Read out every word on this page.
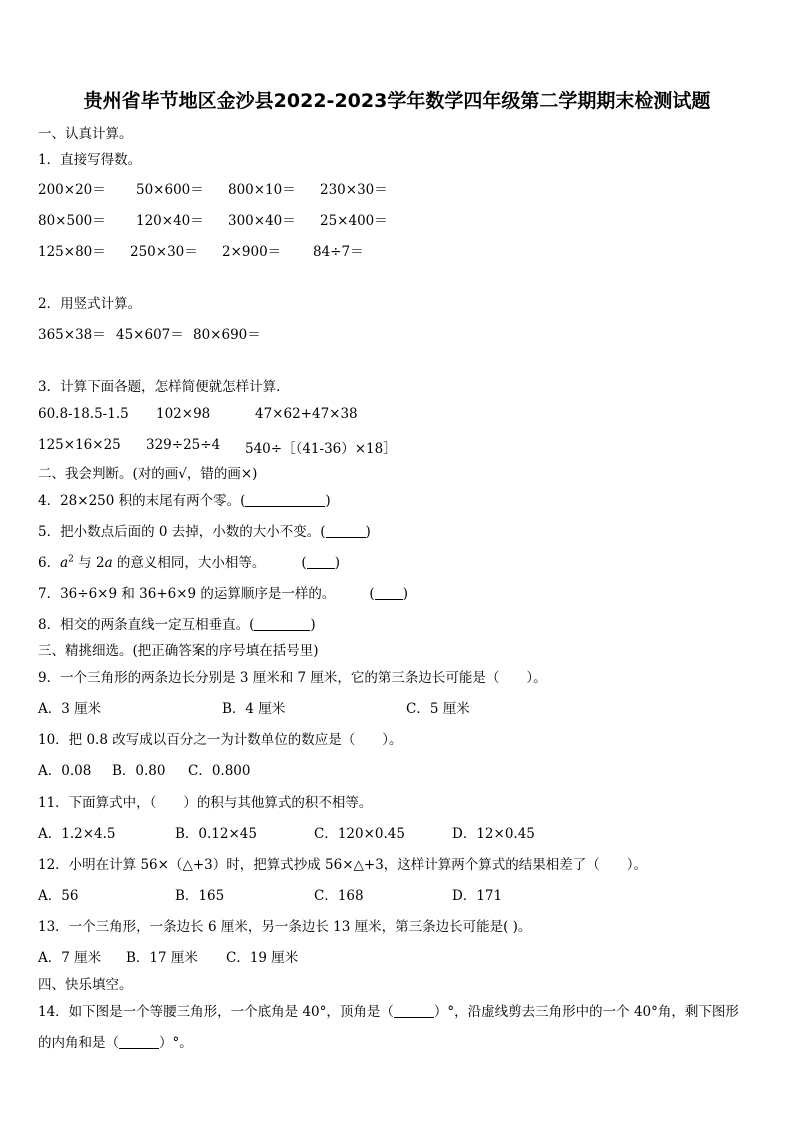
贵州省毕节地区金沙县2022-2023学年数学四年级第二学期期末检测试题
一、认真计算。
1．直接写得数。
200×20＝ 50×600＝ 800×10＝ 230×30＝
80×500＝ 120×40＝ 300×40＝ 25×400＝
125×80＝ 250×30＝ 2×900＝ 84÷7＝
2．用竖式计算。
365×38＝ 45×607＝ 80×690＝
3．计算下面各题，怎样简便就怎样计算.
60.8-18.5-1.5 102×98	47×62+47×38
125×16×25 329÷25÷4 540÷［（41-36）×18］
二、我会判断。(对的画√，错的画×)
4．28×250 积的末尾有两个零。(	)
5．把小数点后面的 0 去掉，小数的大小不变。(	)
6．$a^2$ 与 2a 的意义相同，大小相等。	( )
7．36÷6×9 和 36+6×9 的运算顺序是一样的。	( )
8．相交的两条直线一定互相垂直。(	)
三、精挑细选。(把正确答案的序号填在括号里)
9．一个三角形的两条边长分别是 3 厘米和 7 厘米，它的第三条边长可能是（　　）。
A．3 厘米	B．4 厘米	C．5 厘米
10．把 0.8 改写成以百分之一为计数单位的数应是（　　）。
A．0.08 B．0.80 C．0.800
11．下面算式中，（　　）的积与其他算式的积不相等。
A．1.2×4.5	B．0.12×45	C．120×0.45	D．12×0.45
12．小明在计算 56×（△+3）时，把算式抄成 56×△+3，这样计算两个算式的结果相差了（　　）。
A．56	B．165	C．168	D．171
13．一个三角形，一条边长 6 厘米，另一条边长 13 厘米，第三条边长可能是( )。
A．7 厘米 B．17 厘米 C．19 厘米
四、快乐填空。
14．如下图是一个等腰三角形，一个底角是 40°，顶角是（	）°，沿虚线剪去三角形中的一个 40°角，剩下图形
的内角和是（	）°。
